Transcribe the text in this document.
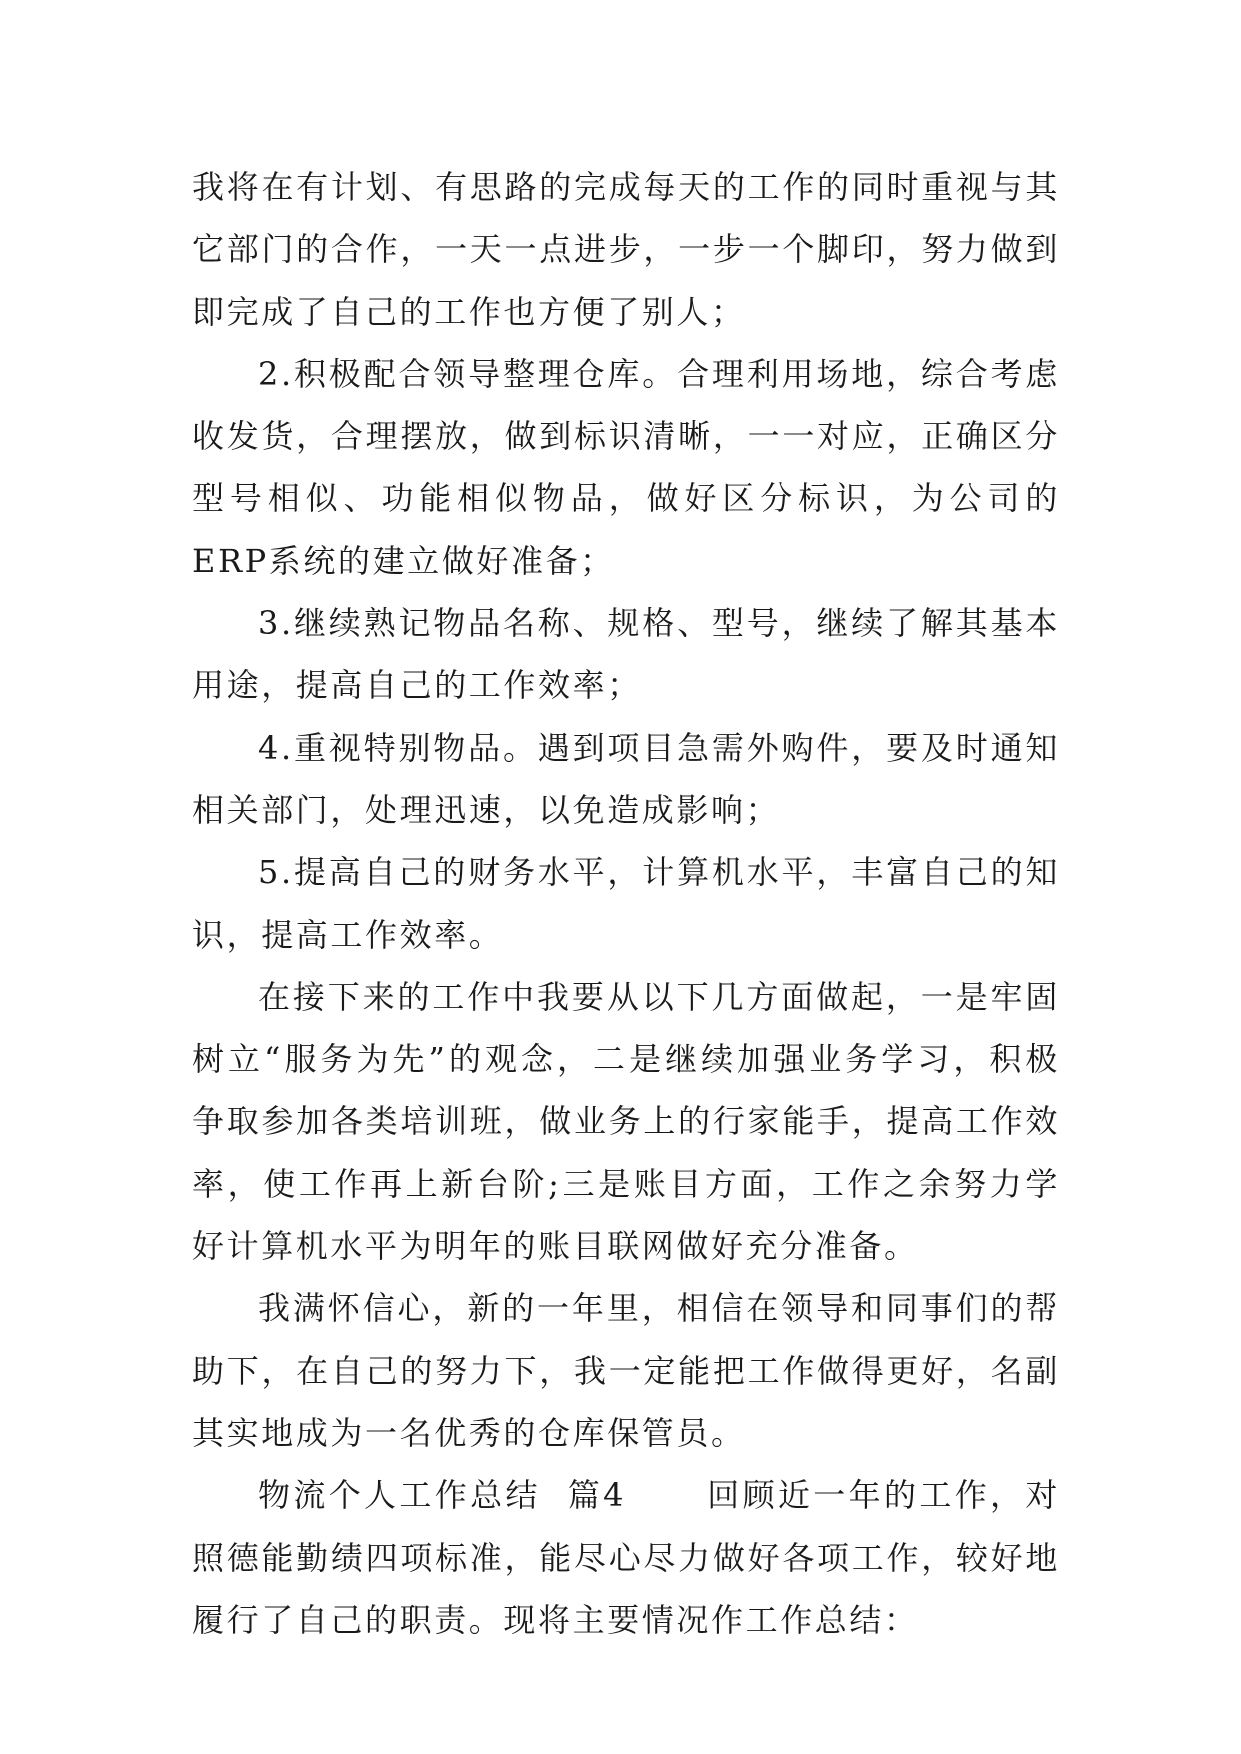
我将在有计划、有思路的完成每天的工作的同时重视与其它部门的合作，一天一点进步，一步一个脚印，努力做到即完成了自己的工作也方便了别人；

2.积极配合领导整理仓库。合理利用场地，综合考虑收发货，合理摆放，做到标识清晰，一一对应，正确区分型号相似、功能相似物品，做好区分标识，为公司的ERP系统的建立做好准备；

3.继续熟记物品名称、规格、型号，继续了解其基本用途，提高自己的工作效率；

4.重视特别物品。遇到项目急需外购件，要及时通知相关部门，处理迅速，以免造成影响；

5.提高自己的财务水平，计算机水平，丰富自己的知识，提高工作效率。

在接下来的工作中我要从以下几方面做起，一是牢固树立“服务为先”的观念，二是继续加强业务学习，积极争取参加各类培训班，做业务上的行家能手，提高工作效率，使工作再上新台阶;三是账目方面，工作之余努力学好计算机水平为明年的账目联网做好充分准备。

我满怀信心，新的一年里，相信在领导和同事们的帮助下，在自己的努力下，我一定能把工作做得更好，名副其实地成为一名优秀的仓库保管员。

物流个人工作总结  篇4      回顾近一年的工作，对照德能勤绩四项标准，能尽心尽力做好各项工作，较好地履行了自己的职责。现将主要情况作工作总结：
